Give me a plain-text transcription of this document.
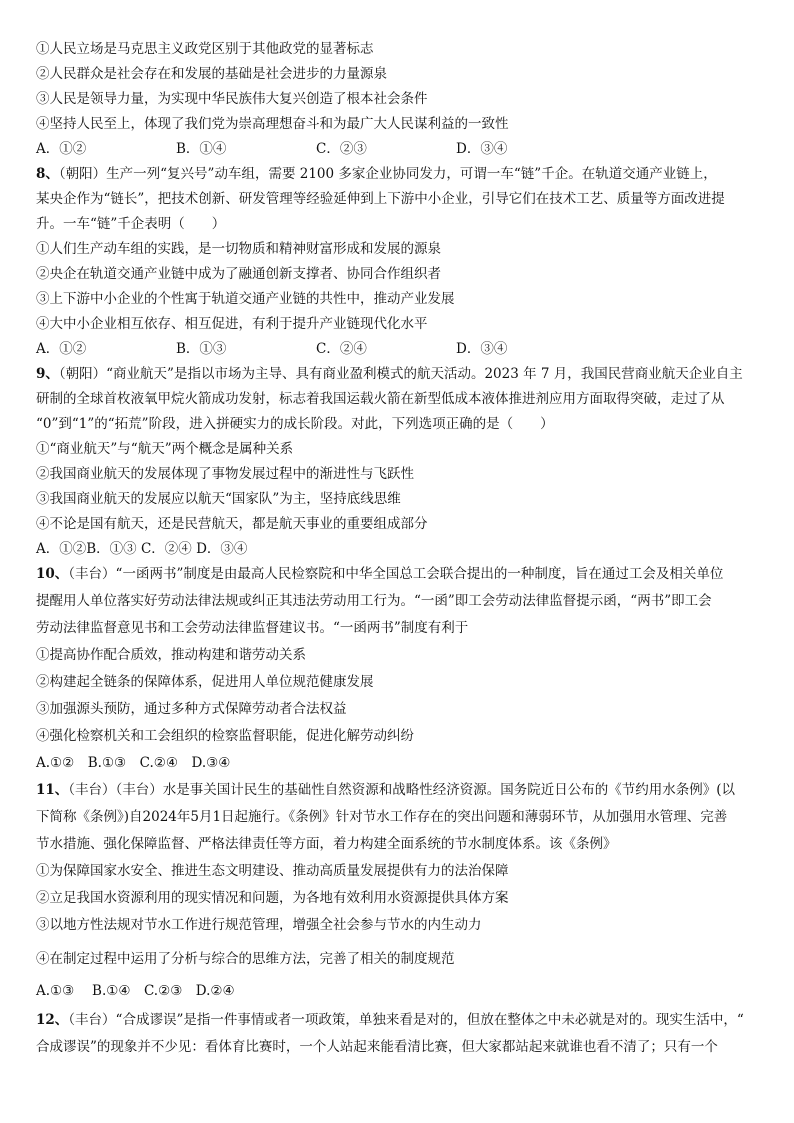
①人民立场是马克思主义政党区别于其他政党的显著标志
②人民群众是社会存在和发展的基础是社会进步的力量源泉
③人民是领导力量，为实现中华民族伟大复兴创造了根本社会条件
④坚持人民至上，体现了我们党为崇高理想奋斗和为最广大人民谋利益的一致性
A．①②	B．①④	C．②③	D．③④
8、（朝阳）生产一列“复兴号”动车组，需要 2100 多家企业协同发力，可谓一车“链”千企。在轨道交通产业链上，
某央企作为“链长”，把技术创新、研发管理等经验延伸到上下游中小企业，引导它们在技术工艺、质量等方面改进提
升。一车“链”千企表明（　　）
①人们生产动车组的实践，是一切物质和精神财富形成和发展的源泉
②央企在轨道交通产业链中成为了融通创新支撑者、协同合作组织者
③上下游中小企业的个性寓于轨道交通产业链的共性中，推动产业发展
④大中小企业相互依存、相互促进，有利于提升产业链现代化水平
A．①②	B．①③	C．②④	D．③④
9、（朝阳）“商业航天”是指以市场为主导、具有商业盈利模式的航天活动。2023 年 7 月，我国民营商业航天企业自主
研制的全球首枚液氧甲烷火箭成功发射，标志着我国运载火箭在新型低成本液体推进剂应用方面取得突破，走过了从
“0”到“1”的“拓荒”阶段，进入拼硬实力的成长阶段。对此，下列选项正确的是（　　）
①“商业航天”与“航天”两个概念是属种关系
②我国商业航天的发展体现了事物发展过程中的渐进性与飞跃性
③我国商业航天的发展应以航天“国家队”为主，坚持底线思维
④不论是国有航天，还是民营航天，都是航天事业的重要组成部分
A．①②B．①③ C．②④ D．③④
10、（丰台）“一函两书”制度是由最高人民检察院和中华全国总工会联合提出的一种制度，旨在通过工会及相关单位
提醒用人单位落实好劳动法律法规或纠正其违法劳动用工行为。“一函”即工会劳动法律监督提示函，“两书”即工会
劳动法律监督意见书和工会劳动法律监督建议书。“一函两书”制度有利于
①提高协作配合质效，推动构建和谐劳动关系
②构建起全链条的保障体系，促进用人单位规范健康发展
③加强源头预防，通过多种方式保障劳动者合法权益
④强化检察机关和工会组织的检察监督职能，促进化解劳动纠纷
A.①②　B.①③　C.②④　D.③④
11、（丰台）（丰台）水是事关国计民生的基础性自然资源和战略性经济资源。国务院近日公布的《节约用水条例》(以
下简称《条例》)自2024年5月1日起施行。《条例》针对节水工作存在的突出问题和薄弱环节，从加强用水管理、完善
节水措施、强化保障监督、严格法律责任等方面，着力构建全面系统的节水制度体系。该《条例》
①为保障国家水安全、推进生态文明建设、推动高质量发展提供有力的法治保障
②立足我国水资源利用的现实情况和问题，为各地有效利用水资源提供具体方案
③以地方性法规对节水工作进行规范管理，增强全社会参与节水的内生动力
④在制定过程中运用了分析与综合的思维方法，完善了相关的制度规范
A.①③　 B.①④　C.②③　D.②④
12、（丰台）“合成谬误”是指一件事情或者一项政策，单独来看是对的，但放在整体之中未必就是对的。现实生活中，“
合成谬误”的现象并不少见：看体育比赛时，一个人站起来能看清比赛，但大家都站起来就谁也看不清了；只有一个
